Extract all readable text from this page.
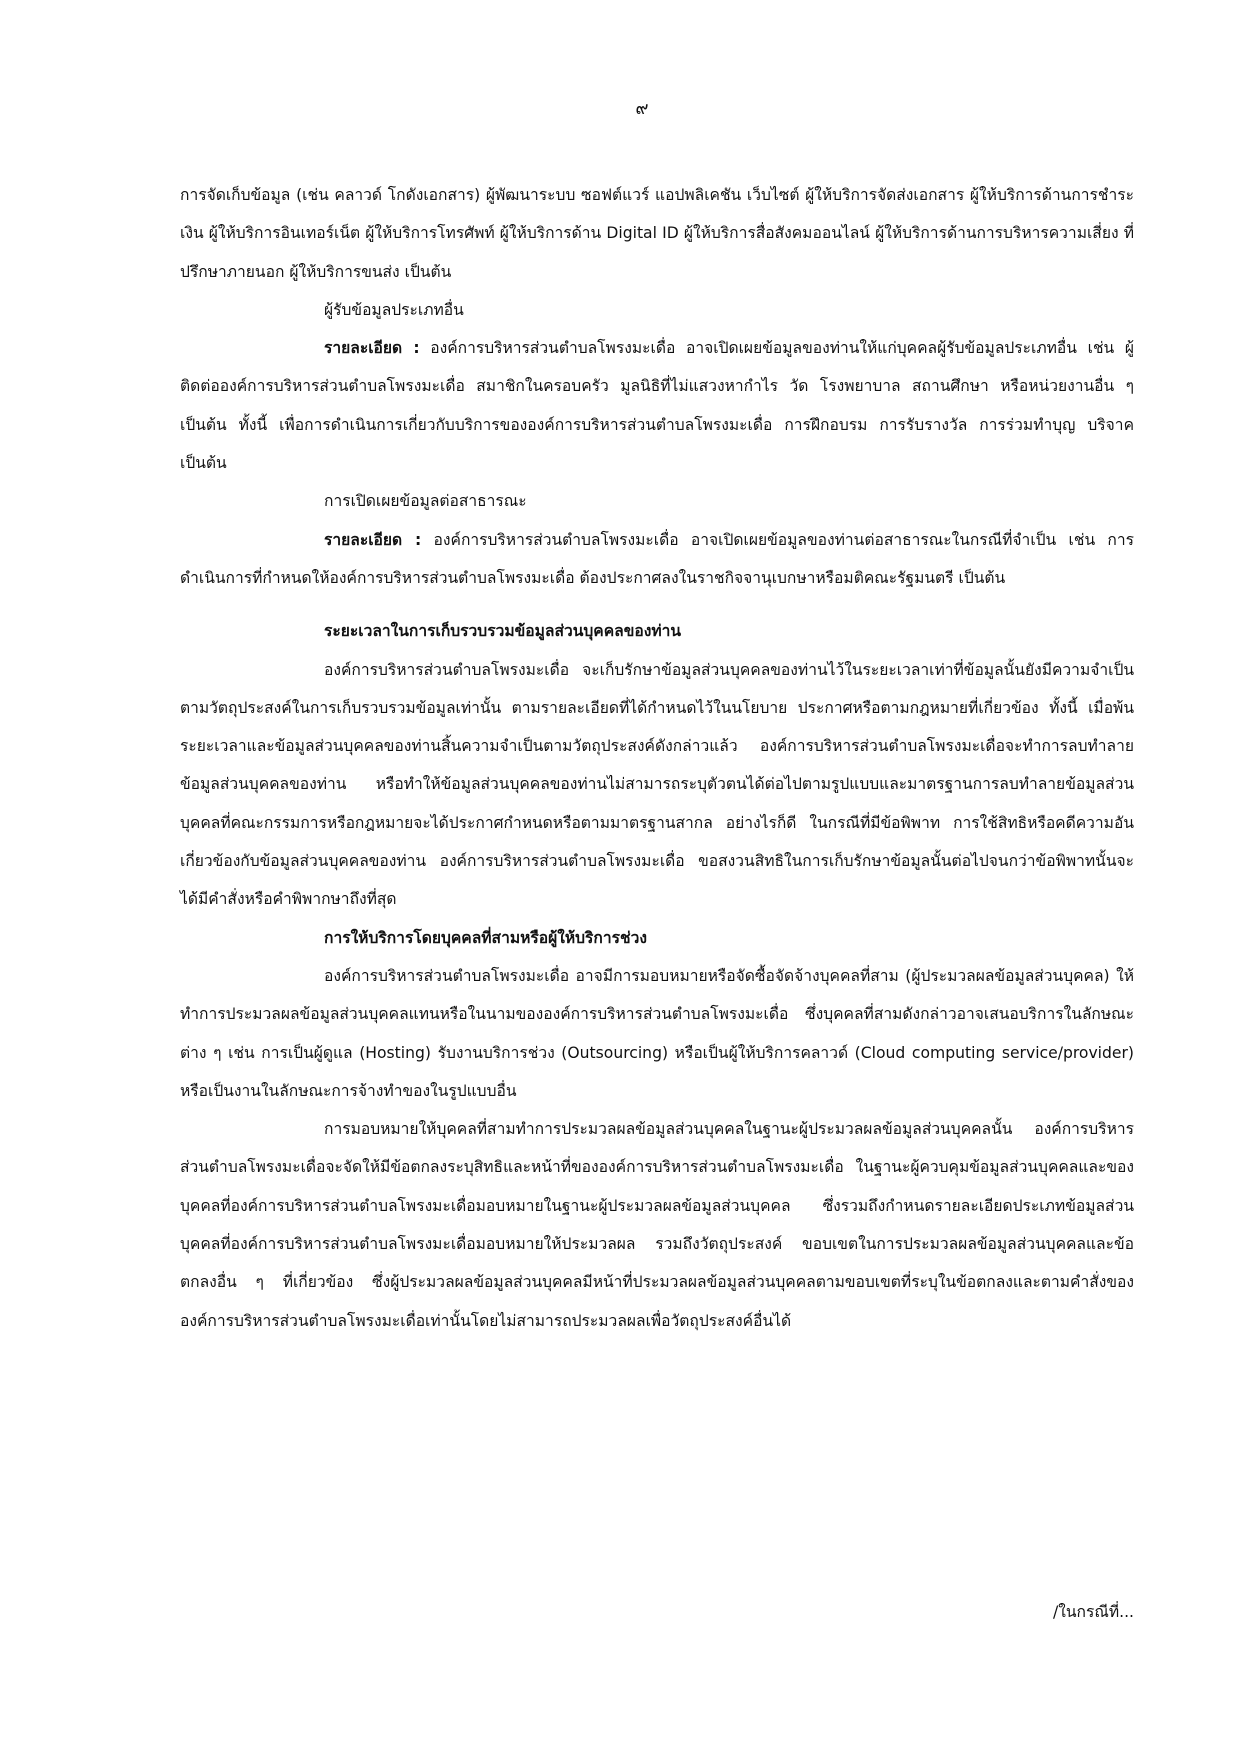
๙

การจัดเก็บข้อมูล (เช่น คลาวด์ โกดังเอกสาร) ผู้พัฒนาระบบ ซอฟต์แวร์ แอปพลิเคชัน เว็บไซต์ ผู้ให้บริการจัดส่งเอกสาร ผู้ให้บริการด้านการชำระเงิน ผู้ให้บริการอินเทอร์เน็ต ผู้ให้บริการโทรศัพท์ ผู้ให้บริการด้าน Digital ID ผู้ให้บริการสื่อสังคมออนไลน์ ผู้ให้บริการด้านการบริหารความเสี่ยง ที่ปรึกษาภายนอก ผู้ให้บริการขนส่ง เป็นต้น

ผู้รับข้อมูลประเภทอื่น

รายละเอียด : องค์การบริหารส่วนตำบลโพรงมะเดื่อ อาจเปิดเผยข้อมูลของท่านให้แก่บุคคลผู้รับข้อมูลประเภทอื่น เช่น ผู้ติดต่อองค์การบริหารส่วนตำบลโพรงมะเดื่อ สมาชิกในครอบครัว มูลนิธิที่ไม่แสวงหากำไร วัด โรงพยาบาล สถานศึกษา หรือหน่วยงานอื่น ๆ เป็นต้น ทั้งนี้ เพื่อการดำเนินการเกี่ยวกับบริการขององค์การบริหารส่วนตำบลโพรงมะเดื่อ การฝึกอบรม การรับรางวัล การร่วมทำบุญ บริจาค เป็นต้น

การเปิดเผยข้อมูลต่อสาธารณะ

รายละเอียด : องค์การบริหารส่วนตำบลโพรงมะเดื่อ อาจเปิดเผยข้อมูลของท่านต่อสาธารณะในกรณีที่จำเป็น เช่น การดำเนินการที่กำหนดให้องค์การบริหารส่วนตำบลโพรงมะเดื่อ ต้องประกาศลงในราชกิจจานุเบกษาหรือมติคณะรัฐมนตรี เป็นต้น

ระยะเวลาในการเก็บรวบรวมข้อมูลส่วนบุคคลของท่าน

องค์การบริหารส่วนตำบลโพรงมะเดื่อ จะเก็บรักษาข้อมูลส่วนบุคคลของท่านไว้ในระยะเวลาเท่าที่ข้อมูลนั้นยังมีความจำเป็นตามวัตถุประสงค์ในการเก็บรวบรวมข้อมูลเท่านั้น ตามรายละเอียดที่ได้กำหนดไว้ในนโยบาย ประกาศหรือตามกฎหมายที่เกี่ยวข้อง ทั้งนี้ เมื่อพ้นระยะเวลาและข้อมูลส่วนบุคคลของท่านสิ้นความจำเป็นตามวัตถุประสงค์ดังกล่าวแล้ว องค์การบริหารส่วนตำบลโพรงมะเดื่อจะทำการลบทำลาย ข้อมูลส่วนบุคคลของท่าน หรือทำให้ข้อมูลส่วนบุคคลของท่านไม่สามารถระบุตัวตนได้ต่อไปตามรูปแบบและมาตรฐานการลบทำลายข้อมูลส่วนบุคคลที่คณะกรรมการหรือกฎหมายจะได้ประกาศกำหนดหรือตามมาตรฐานสากล อย่างไรก็ดี ในกรณีที่มีข้อพิพาท การใช้สิทธิหรือคดีความอันเกี่ยวข้องกับข้อมูลส่วนบุคคลของท่าน องค์การบริหารส่วนตำบลโพรงมะเดื่อ ขอสงวนสิทธิในการเก็บรักษาข้อมูลนั้นต่อไปจนกว่าข้อพิพาทนั้นจะได้มีคำสั่งหรือคำพิพากษาถึงที่สุด

การให้บริการโดยบุคคลที่สามหรือผู้ให้บริการช่วง

องค์การบริหารส่วนตำบลโพรงมะเดื่อ อาจมีการมอบหมายหรือจัดซื้อจัดจ้างบุคคลที่สาม (ผู้ประมวลผลข้อมูลส่วนบุคคล) ให้ทำการประมวลผลข้อมูลส่วนบุคคลแทนหรือในนามขององค์การบริหารส่วนตำบลโพรงมะเดื่อ ซึ่งบุคคลที่สามดังกล่าวอาจเสนอบริการในลักษณะต่าง ๆ เช่น การเป็นผู้ดูแล (Hosting) รับงานบริการช่วง (Outsourcing) หรือเป็นผู้ให้บริการคลาวด์ (Cloud computing service/provider) หรือเป็นงานในลักษณะการจ้างทำของในรูปแบบอื่น

การมอบหมายให้บุคคลที่สามทำการประมวลผลข้อมูลส่วนบุคคลในฐานะผู้ประมวลผลข้อมูลส่วนบุคคลนั้น องค์การบริหารส่วนตำบลโพรงมะเดื่อจะจัดให้มีข้อตกลงระบุสิทธิและหน้าที่ขององค์การบริหารส่วนตำบลโพรงมะเดื่อ ในฐานะผู้ควบคุมข้อมูลส่วนบุคคลและของบุคคลที่องค์การบริหารส่วนตำบลโพรงมะเดื่อมอบหมายในฐานะผู้ประมวลผลข้อมูลส่วนบุคคล ซึ่งรวมถึงกำหนดรายละเอียดประเภทข้อมูลส่วนบุคคลที่องค์การบริหารส่วนตำบลโพรงมะเดื่อมอบหมายให้ประมวลผล รวมถึงวัตถุประสงค์ ขอบเขตในการประมวลผลข้อมูลส่วนบุคคลและข้อตกลงอื่น ๆ ที่เกี่ยวข้อง ซึ่งผู้ประมวลผลข้อมูลส่วนบุคคลมีหน้าที่ประมวลผลข้อมูลส่วนบุคคลตามขอบเขตที่ระบุในข้อตกลงและตามคำสั่งขององค์การบริหารส่วนตำบลโพรงมะเดื่อเท่านั้นโดยไม่สามารถประมวลผลเพื่อวัตถุประสงค์อื่นได้

/ในกรณีที่...
